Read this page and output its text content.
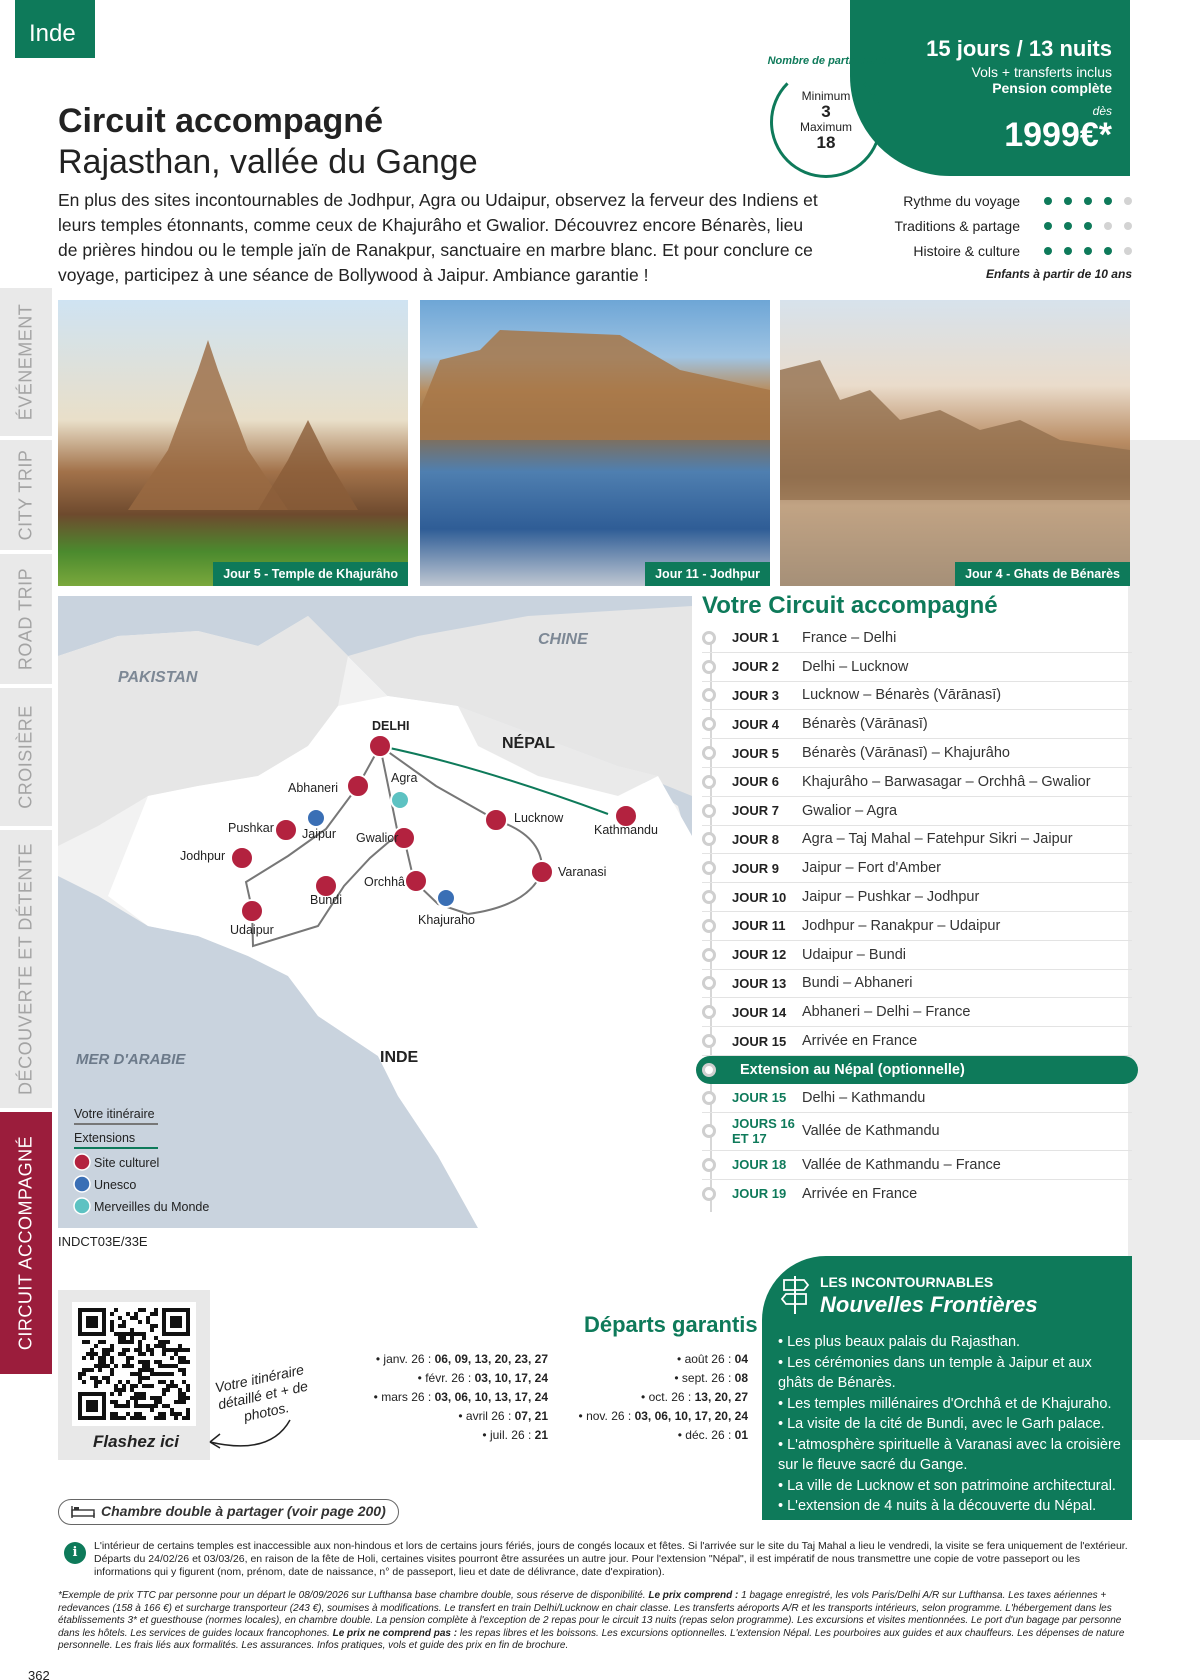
Inde
15 jours / 13 nuits
Vols + transferts inclus
Pension complète
dès
1999€*
Nombre de participants
Minimum
3
Maximum
18
Circuit accompagné
Rajasthan, vallée du Gange

En plus des sites incontournables de Jodhpur, Agra ou Udaipur, observez la ferveur des Indiens et leurs temples étonnants, comme ceux de Khajurâho et Gwalior. Découvrez encore Bénarès, lieu de prières hindou ou le temple jaïn de Ranakpur, sanctuaire en marbre blanc. Et pour conclure ce voyage, participez à une séance de Bollywood à Jaipur. Ambiance garantie !

Rythme du voyage
Traditions & partage
Histoire & culture
Enfants à partir de 10 ans
ÉVÉNEMENT
CITY TRIP
ROAD TRIP
CROISIÈRE
DÉCOUVERTE ET DÉTENTE
CIRCUIT ACCOMPAGNÉ
Jour 5 - Temple de Khajurâho	Jour 11 - Jodhpur	Jour 4 - Ghats de Bénarès
PAKISTAN
CHINE
NÉPAL
INDE
MER D'ARABIE
DELHI
Agra
Abhaneri
Pushkar Jaipur
Jodhpur
Udaipur
Bundi
Gwalior
Orchhâ
Khajuraho
Lucknow
Varanasi
Kathmandu
Votre itinéraire
Extensions
Site culturel
Unesco
Merveilles du Monde
INDCT03E/33E
Votre Circuit accompagné
JOUR 1	France – Delhi
JOUR 2	Delhi – Lucknow
JOUR 3	Lucknow – Bénarès (Vārānasī)
JOUR 4	Bénarès (Vārānasī)
JOUR 5	Bénarès (Vārānasī) – Khajurâho
JOUR 6	Khajurâho – Barwasagar – Orchhâ – Gwalior
JOUR 7	Gwalior – Agra
JOUR 8	Agra – Taj Mahal – Fatehpur Sikri – Jaipur
JOUR 9	Jaipur – Fort d'Amber
JOUR 10	Jaipur – Pushkar – Jodhpur
JOUR 11	Jodhpur – Ranakpur – Udaipur
JOUR 12	Udaipur – Bundi
JOUR 13	Bundi – Abhaneri
JOUR 14	Abhaneri – Delhi – France
JOUR 15	Arrivée en France
Extension au Népal (optionnelle)
JOUR 15	Delhi – Kathmandu
JOURS 16 ET 17	Vallée de Kathmandu
JOUR 18	Vallée de Kathmandu – France
JOUR 19	Arrivée en France
Flashez ici
Votre itinéraire détaillé et + de photos.
Départs garantis
• janv. 26 : 06, 09, 13, 20, 23, 27
• févr. 26 : 03, 10, 17, 24
• mars 26 : 03, 06, 10, 13, 17, 24
• avril 26 : 07, 21
• juil. 26 : 21
• août 26 : 04
• sept. 26 : 08
• oct. 26 : 13, 20, 27
• nov. 26 : 03, 06, 10, 17, 20, 24
• déc. 26 : 01
Chambre double à partager (voir page 200)
LES INCONTOURNABLES
Nouvelles Frontières
• Les plus beaux palais du Rajasthan.
• Les cérémonies dans un temple à Jaipur et aux ghâts de Bénarès.
• Les temples millénaires d'Orchhâ et de Khajuraho.
• La visite de la cité de Bundi, avec le Garh palace.
• L'atmosphère spirituelle à Varanasi avec la croisière sur le fleuve sacré du Gange.
• La ville de Lucknow et son patrimoine architectural.
• L'extension de 4 nuits à la découverte du Népal.
i	L'intérieur de certains temples est inaccessible aux non-hindous et lors de certains jours fériés, jours de congés locaux et fêtes. Si l'arrivée sur le site du Taj Mahal a lieu le vendredi, la visite se fera uniquement de l'extérieur. Départs du 24/02/26 et 03/03/26, en raison de la fête de Holi, certaines visites pourront être assurées un autre jour. Pour l'extension "Népal", il est impératif de nous transmettre une copie de votre passeport ou les informations qui y figurent (nom, prénom, date de naissance, n° de passeport, lieu et date de délivrance, date d'expiration).
*Exemple de prix TTC par personne pour un départ le 08/09/2026 sur Lufthansa base chambre double, sous réserve de disponibilité. Le prix comprend : 1 bagage enregistré, les vols Paris/Delhi A/R sur Lufthansa. Les taxes aériennes + redevances (158 à 166 €) et surcharge transporteur (243 €), soumises à modifications. Le transfert en train Delhi/Lucknow en chair classe. Les transferts aéroports A/R et les transports intérieurs, selon programme. L'hébergement dans les établissements 3* et guesthouse (normes locales), en chambre double. La pension complète à l'exception de 2 repas pour le circuit 13 nuits (repas selon programme). Les excursions et visites mentionnées. Le port d'un bagage par personne dans les hôtels. Les services de guides locaux francophones. Le prix ne comprend pas : les repas libres et les boissons. Les excursions optionnelles. L'extension Népal. Les pourboires aux guides et aux chauffeurs. Les dépenses de nature personnelle. Les frais liés aux formalités. Les assurances. Infos pratiques, vols et guide des prix en fin de brochure.
362
